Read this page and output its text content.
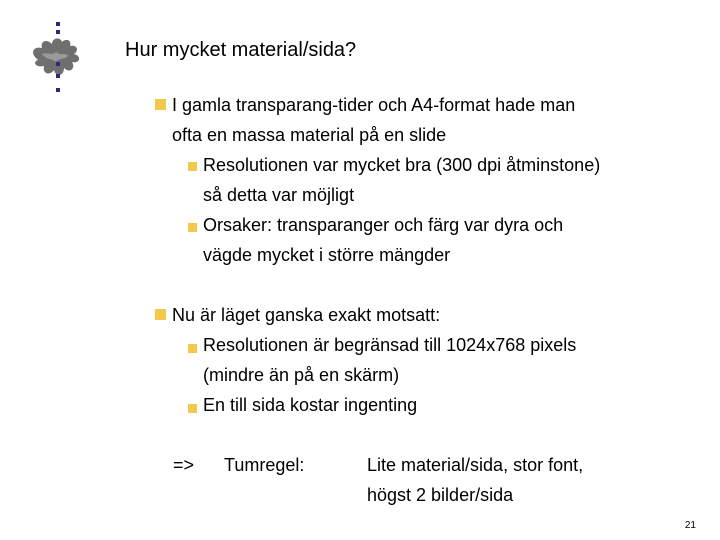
Hur mycket material/sida?
I gamla transparang-tider och A4-format hade man
ofta en massa material på en slide
Resolutionen var mycket bra (300 dpi åtminstone)
så detta var möjligt
Orsaker: transparanger och färg var dyra och
vägde mycket i större mängder
Nu är läget ganska exakt motsatt:
Resolutionen är begränsad till 1024x768 pixels
(mindre än på en skärm)
En till sida kostar ingenting
=> Tumregel:	Lite material/sida, stor font,
högst 2 bilder/sida
21
